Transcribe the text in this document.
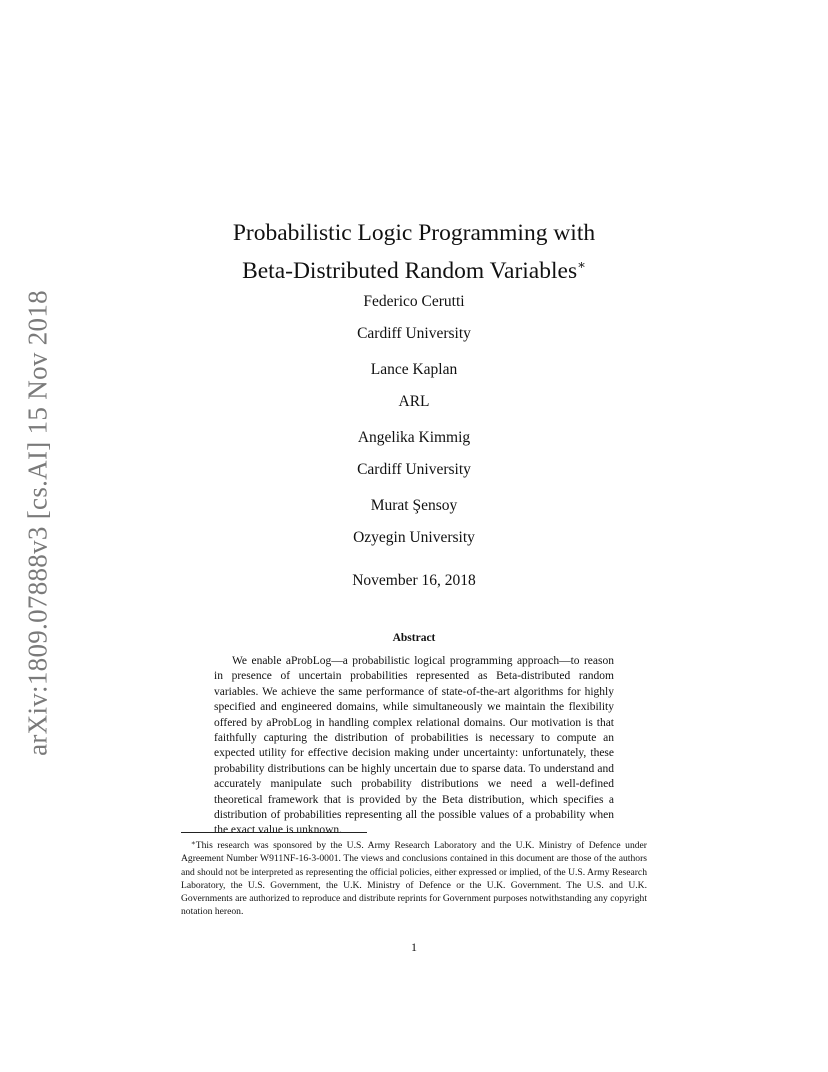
arXiv:1809.07888v3 [cs.AI] 15 Nov 2018
Probabilistic Logic Programming with
Beta-Distributed Random Variables∗
Federico Cerutti
Cardiff University
Lance Kaplan
ARL
Angelika Kimmig
Cardiff University
Murat Şensoy
Ozyegin University
November 16, 2018
Abstract
We enable aProbLog—a probabilistic logical programming approach—to reason in presence of uncertain probabilities represented as Beta-distributed random variables. We achieve the same performance of state-of-the-art algorithms for highly specified and engineered domains, while simultaneously we maintain the flexibility offered by aProbLog in handling complex relational domains. Our motivation is that faithfully capturing the distribution of probabilities is necessary to compute an expected utility for effective decision making under uncertainty: unfortunately, these probability distributions can be highly uncertain due to sparse data. To understand and accurately manipulate such probability distributions we need a well-defined theoretical framework that is provided by the Beta distribution, which specifies a distribution of probabilities representing all the possible values of a probability when the exact value is unknown.
∗This research was sponsored by the U.S. Army Research Laboratory and the U.K. Ministry of Defence under Agreement Number W911NF-16-3-0001. The views and conclusions contained in this document are those of the authors and should not be interpreted as representing the official policies, either expressed or implied, of the U.S. Army Research Laboratory, the U.S. Government, the U.K. Ministry of Defence or the U.K. Government. The U.S. and U.K. Governments are authorized to reproduce and distribute reprints for Government purposes notwithstanding any copyright notation hereon.
1
